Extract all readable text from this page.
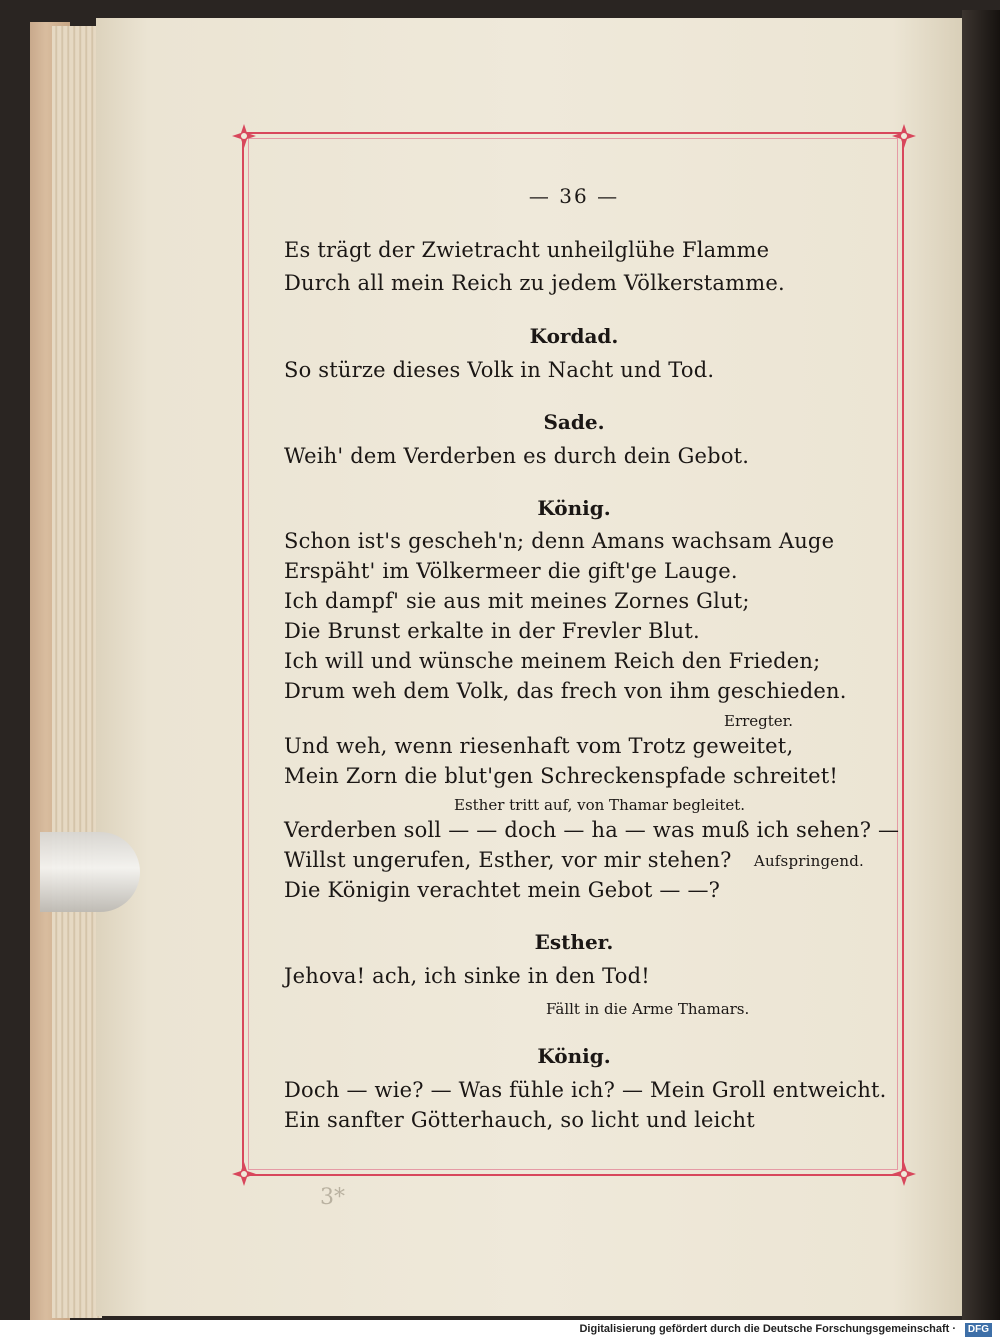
— 36 —
Es trägt der Zwietracht unheilglühe Flamme
Durch all mein Reich zu jedem Völkerstamme.
Kordad.
So stürze dieses Volk in Nacht und Tod.
Sade.
Weih' dem Verderben es durch dein Gebot.
König.
Schon ist's gescheh'n; denn Amans wachsam Auge
Erspäht' im Völkermeer die gift'ge Lauge.
Ich dampf' sie aus mit meines Zornes Glut;
Die Brunst erkalte in der Frevler Blut.
Ich will und wünsche meinem Reich den Frieden;
Drum weh dem Volk, das frech von ihm geschieden.
Erregter.
Und weh, wenn riesenhaft vom Trotz geweitet,
Mein Zorn die blut'gen Schreckenspfade schreitet!
Esther tritt auf, von Thamar begleitet.
Verderben soll — — doch — ha — was muß ich sehen? —
Willst ungerufen, Esther, vor mir stehen? Aufspringend.
Die Königin verachtet mein Gebot — —?
Esther.
Jehova! ach, ich sinke in den Tod!
Fällt in die Arme Thamars.
König.
Doch — wie? — Was fühle ich? — Mein Groll entweicht.
Ein sanfter Götterhauch, so licht und leicht
3*
Digitalisierung gefördert durch die Deutsche Forschungsgemeinschaft ·	DFG
